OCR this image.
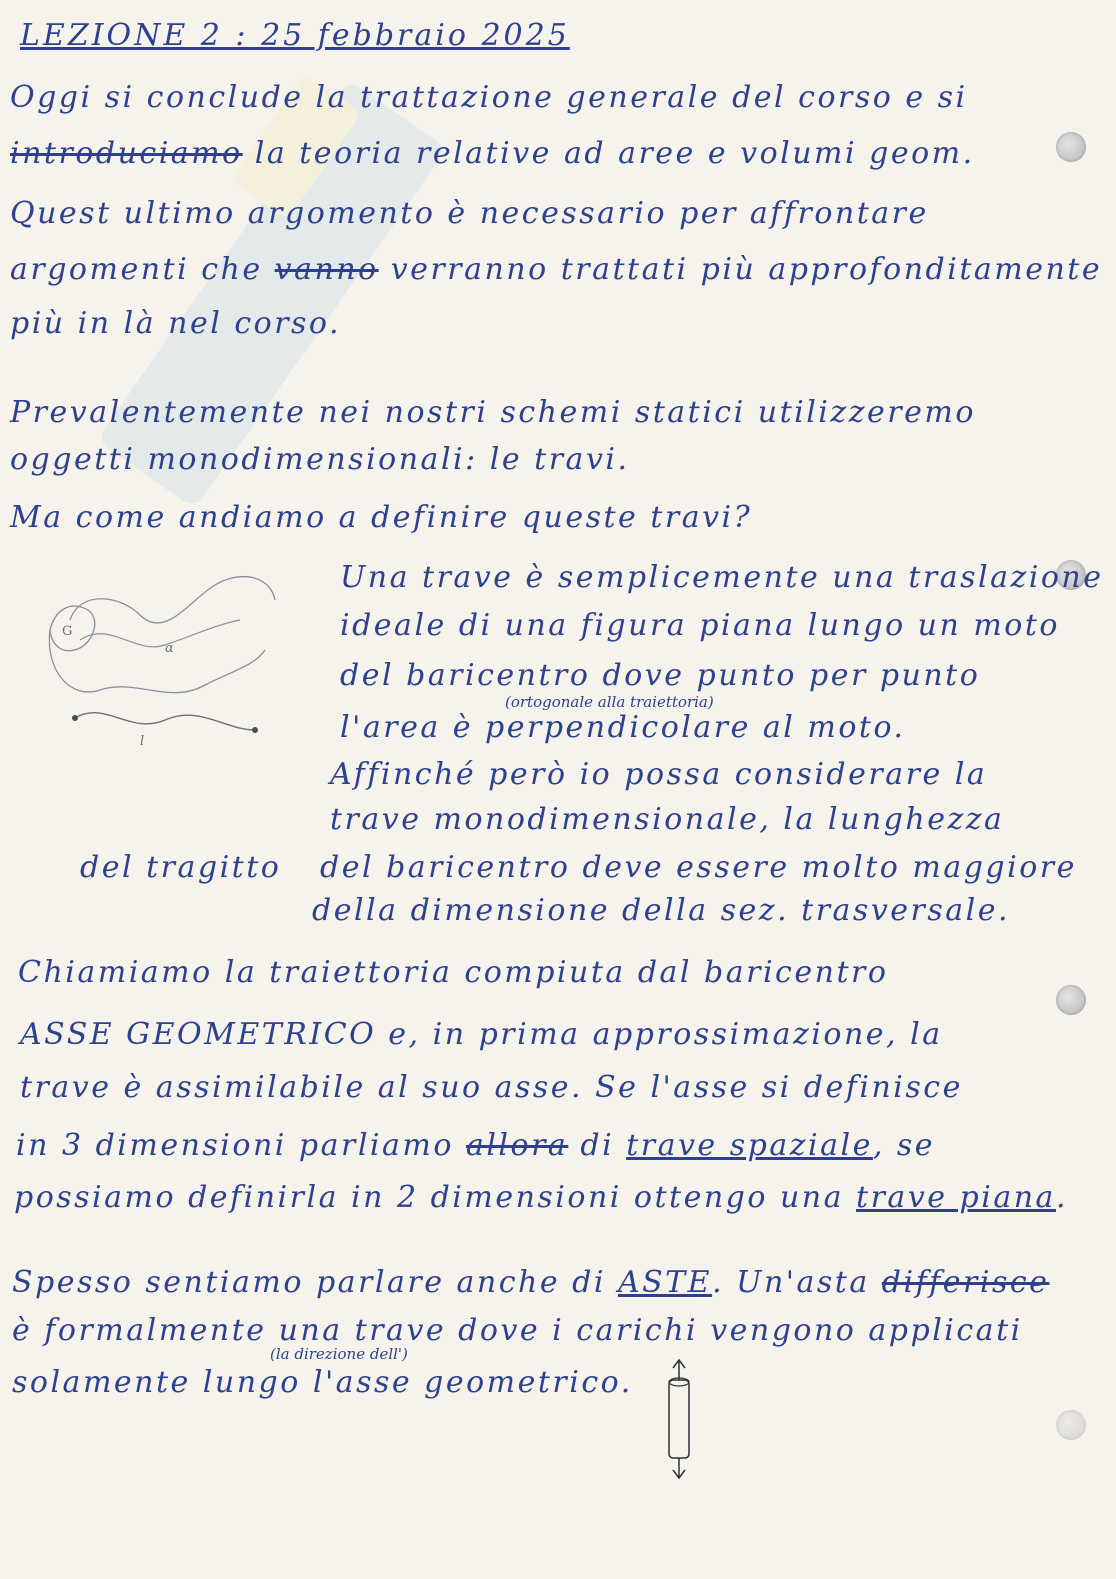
LEZIONE 2 : 25 febbraio 2025

Oggi si conclude la trattazione generale del corso e si

introduciamo la teoria relative ad aree e volumi geom.

Quest ultimo argomento è necessario per affrontare

argomenti che vanno verranno trattati più approfonditamente

più in là nel corso.

Prevalentemente nei nostri schemi statici utilizzeremo

oggetti monodimensionali: le travi.

Ma come andiamo a definire queste travi?

G
α
l

Una trave è semplicemente una traslazione

ideale di una figura piana lungo un moto

del baricentro dove punto per punto

(ortogonale alla traiettoria)

l'area è perpendicolare al moto.

Affinché però io possa considerare la

trave monodimensionale, la lunghezza

del tragitto del baricentro deve essere molto maggiore

della dimensione della sez. trasversale.

Chiamiamo la traiettoria compiuta dal baricentro

ASSE GEOMETRICO e, in prima approssimazione, la

trave è assimilabile al suo asse. Se l'asse si definisce

in 3 dimensioni parliamo allora di trave spaziale, se

possiamo definirla in 2 dimensioni ottengo una trave piana.

Spesso sentiamo parlare anche di ASTE. Un'asta differisce

è formalmente una trave dove i carichi vengono applicati

(la direzione dell')

solamente lungo l'asse geometrico.
